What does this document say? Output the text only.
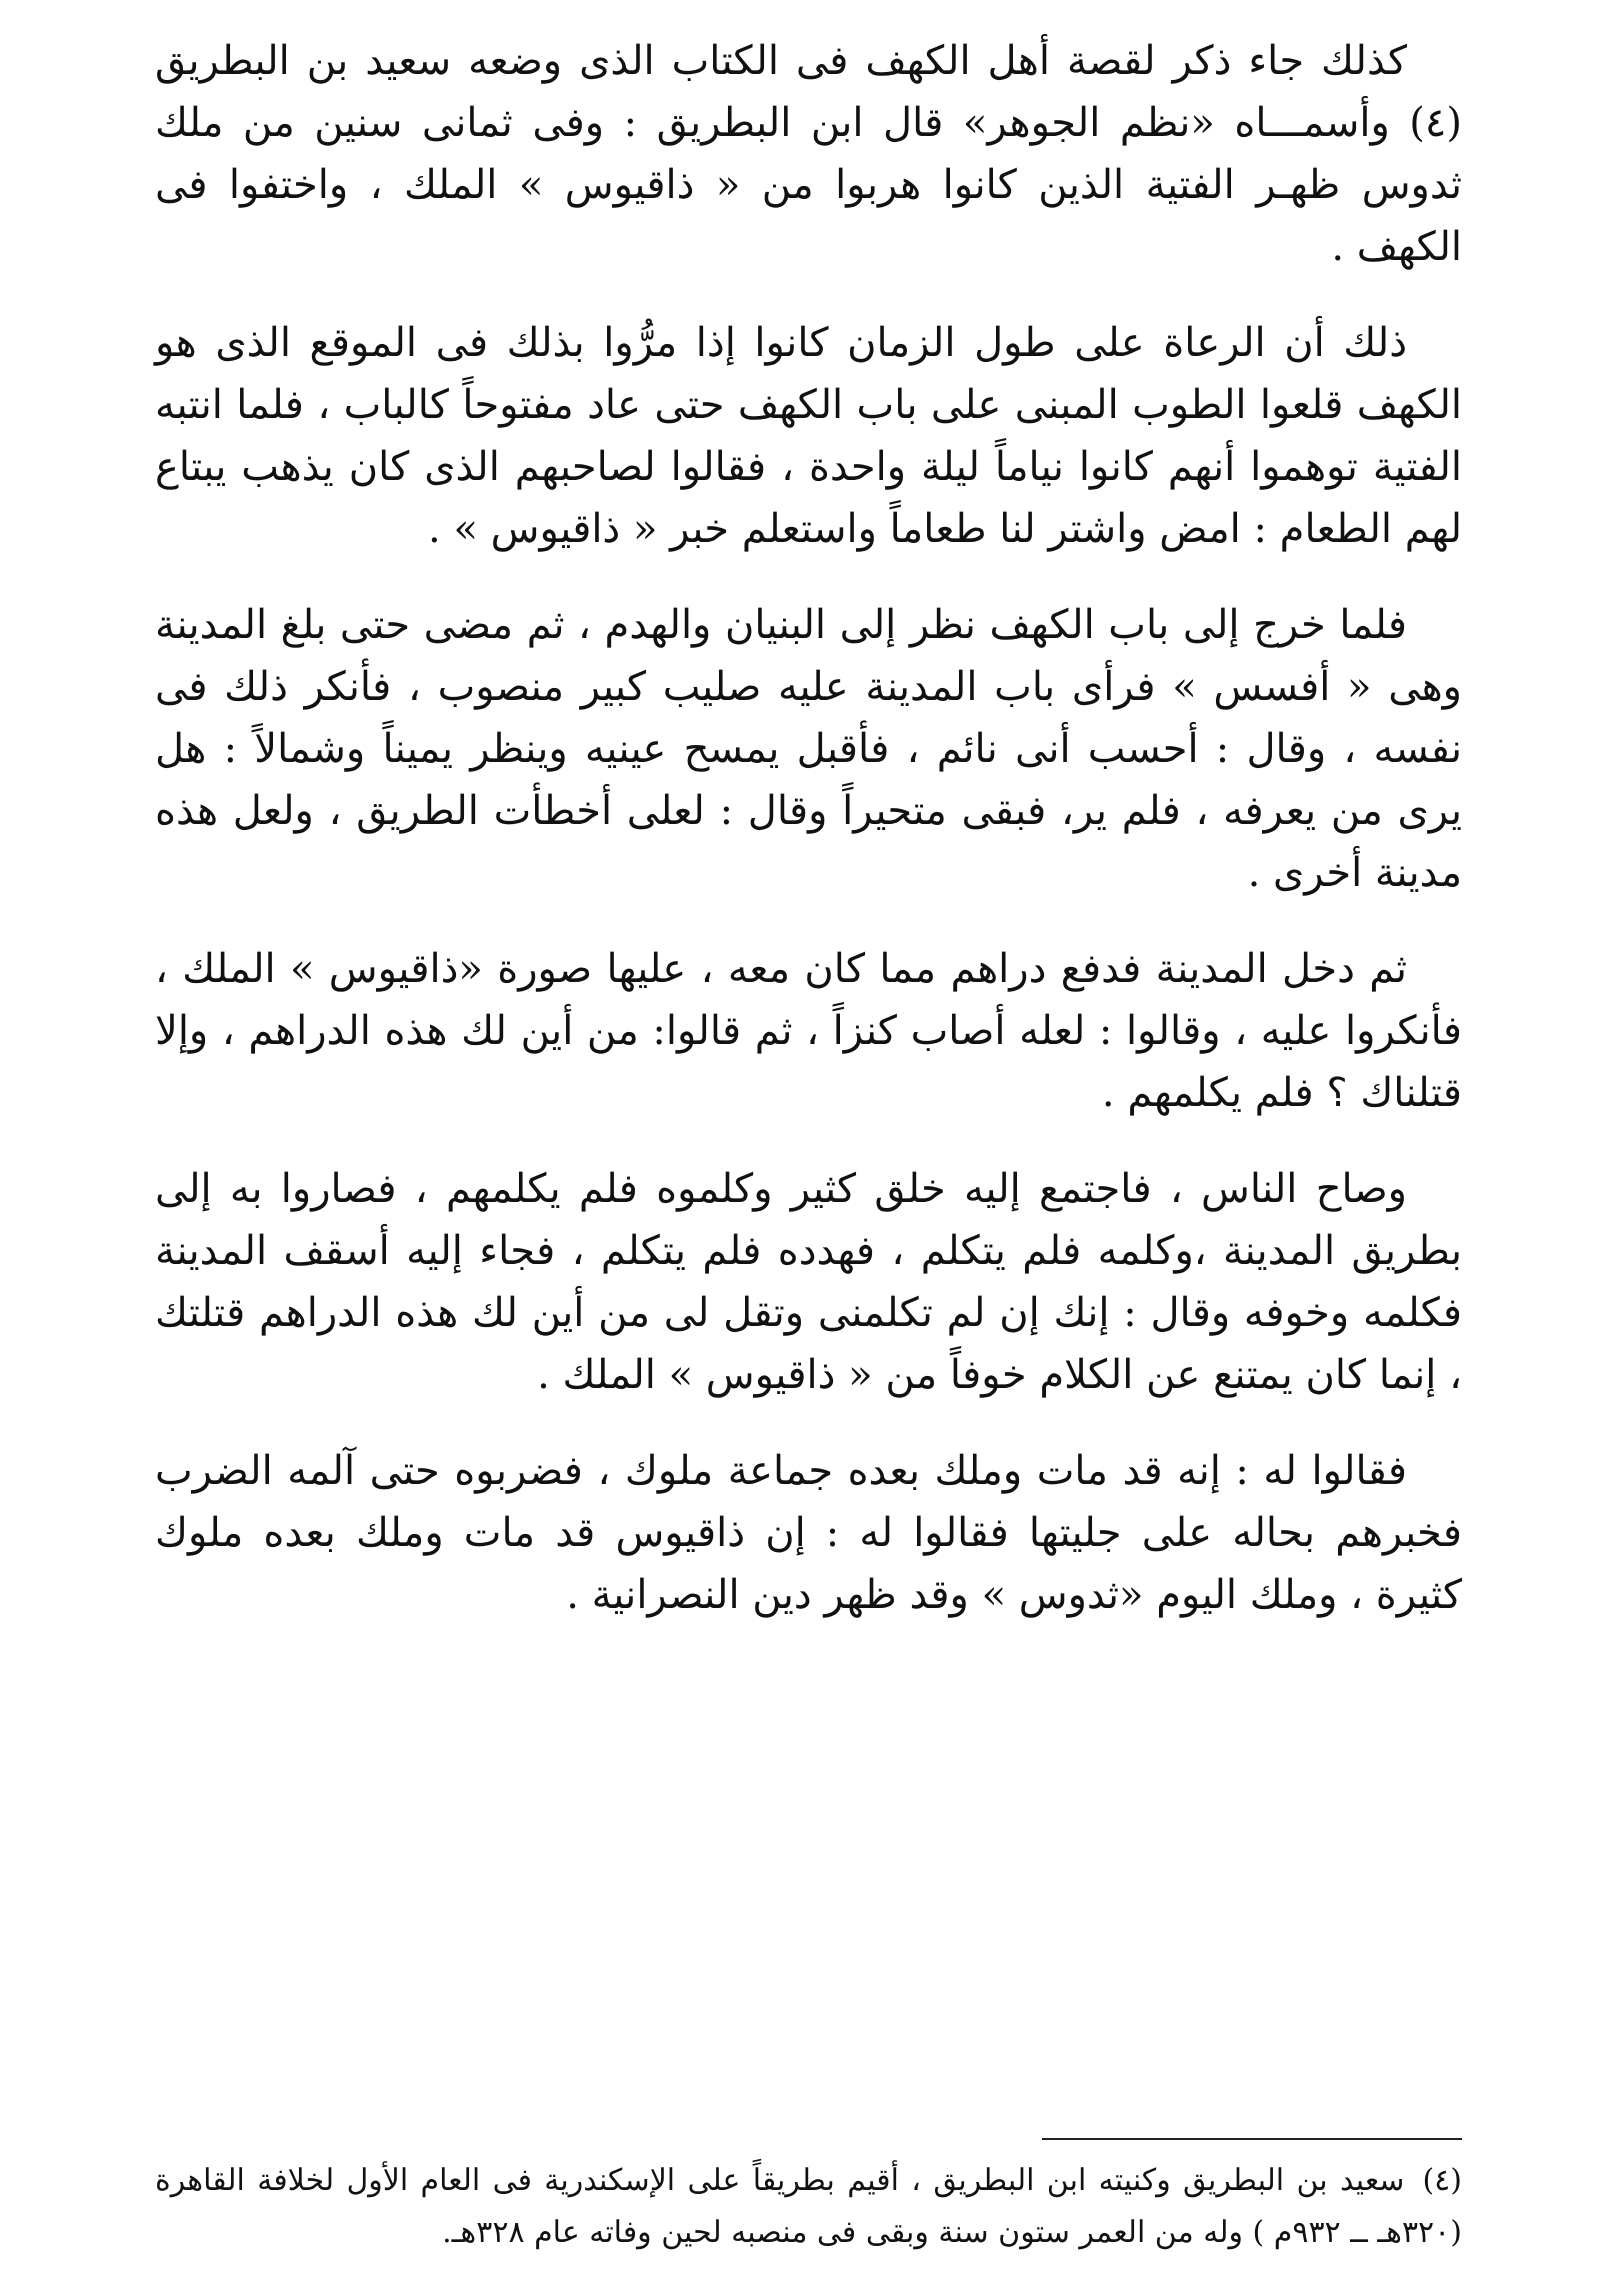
كذلك جاء ذكر لقصة أهل الكهف فى الكتاب الذى وضعه سعيد بن البطريق (٤) وأسمـــاه «نظم الجوهر» قال ابن البطريق : وفى ثمانى سنين من ملك ثدوس ظهـر الفتية الذين كانوا هربوا من « ذاقيوس » الملك ، واختفوا فى الكهف .

ذلك أن الرعاة على طول الزمان كانوا إذا مرُّوا بذلك فى الموقع الذى هو الكهف قلعوا الطوب المبنى على باب الكهف حتى عاد مفتوحاً كالباب ، فلما انتبه الفتية توهموا أنهم كانوا نياماً ليلة واحدة ، فقالوا لصاحبهم الذى كان يذهب يبتاع لهم الطعام : امض واشتر لنا طعاماً واستعلم خبر « ذاقيوس » .

فلما خرج إلى باب الكهف نظر إلى البنيان والهدم ، ثم مضى حتى بلغ المدينة وهى « أفسس » فرأى باب المدينة عليه صليب كبير منصوب ، فأنكر ذلك فى نفسه ، وقال : أحسب أنى نائم ، فأقبل يمسح عينيه وينظر يميناً وشمالاً : هل يرى من يعرفه ، فلم ير، فبقى متحيراً وقال : لعلى أخطأت الطريق ، ولعل هذه مدينة أخرى .

ثم دخل المدينة فدفع دراهم مما كان معه ، عليها صورة «ذاقيوس » الملك ، فأنكروا عليه ، وقالوا : لعله أصاب كنزاً ، ثم قالوا: من أين لك هذه الدراهم ، وإلا قتلناك ؟ فلم يكلمهم .

وصاح الناس ، فاجتمع إليه خلق كثير وكلموه فلم يكلمهم ، فصاروا به إلى بطريق المدينة ،وكلمه فلم يتكلم ، فهدده فلم يتكلم ، فجاء إليه أسقف المدينة فكلمه وخوفه وقال : إنك إن لم تكلمنى وتقل لى من أين لك هذه الدراهم قتلتك ، إنما كان يمتنع عن الكلام خوفاً من « ذاقيوس » الملك .

فقالوا له : إنه قد مات وملك بعده جماعة ملوك ، فضربوه حتى آلمه الضرب فخبرهم بحاله على جليتها فقالوا له : إن ذاقيوس قد مات وملك بعده ملوك كثيرة ، وملك اليوم «ثدوس » وقد ظهر دين النصرانية .

(٤)سعيد بن البطريق وكنيته ابن البطريق ، أقيم بطريقاً على الإسكندرية فى العام الأول لخلافة القاهرة (٣٢٠هـ ــ ٩٣٢م ) وله من العمر ستون سنة وبقى فى منصبه لحين وفاته عام ٣٢٨هـ.
